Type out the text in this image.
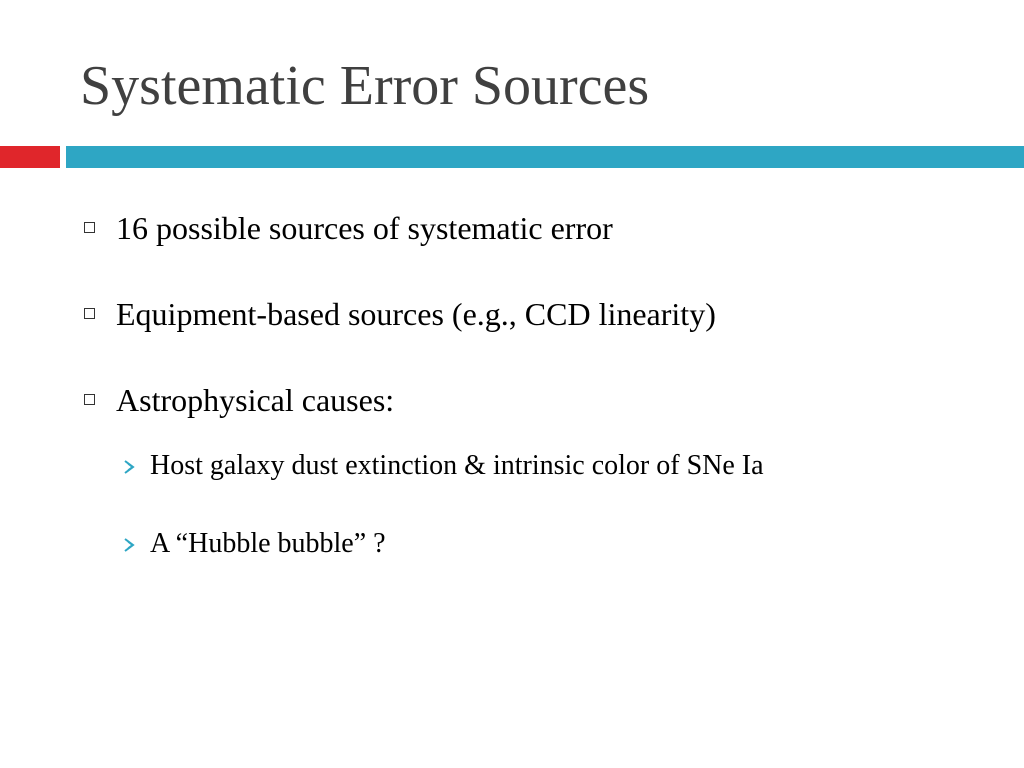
Systematic Error Sources
16 possible sources of systematic error
Equipment-based sources (e.g., CCD linearity)
Astrophysical causes:
Host galaxy dust extinction & intrinsic color of SNe Ia
A “Hubble bubble” ?
